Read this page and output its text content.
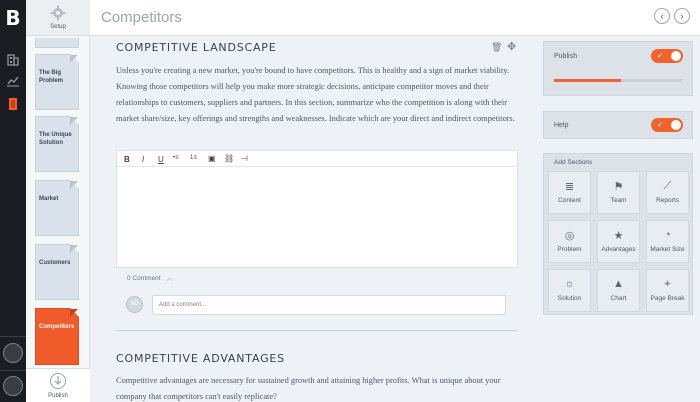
B	Setup
The Big Problem
The Unique Solution
Market
Customers
Competitors
Publish
Competitors	‹	›
COMPETITIVE LANDSCAPE	🗑 ✥
Unless you're creating a new market, you're bound to have competitors. This is healthy and a sign of market viability. Knowing those competitors will help you make more strategic decisions, anticipate competitor moves and their relationships to customers, suppliers and partners. In this section, summarize who the competition is along with their market share/size, key offerings and strengths and weaknesses. Indicate which are your direct and indirect competitors.
B I U •≡ 1≡ ▣ ⛓ ⊣
0 Comment ︿
AD	Add a comment...
COMPETITIVE ADVANTAGES
Competitive advantages are necessary for sustained growth and attaining higher profits. What is unique about your company that competitors can't easily replicate?
Publish	✓
Help	✓
Add Sections
≣
Content
⚑
Team
⟋
Reports
◎
Problem
★
Advantages
◔
Market Size
☼
Solution
▲
Chart
⌖
Page Break
